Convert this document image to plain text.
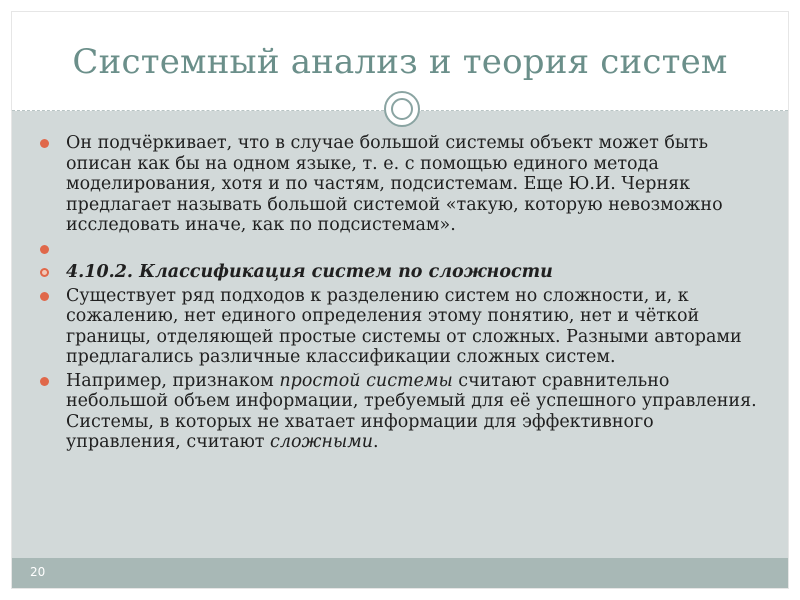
Системный анализ и теория систем
Он подчёркивает, что в случае большой системы объект может быть описан как бы на одном языке, т. е. с помощью единого метода моделирования, хотя и по частям, подсистемам. Еще Ю.И. Черняк предлагает называть большой системой «такую, которую невозможно исследовать иначе, как по подсистемам».
4.10.2. Классификация систем по сложности
Существует ряд подходов к разделению систем но сложности, и, к сожалению, нет единого определения этому понятию, нет и чёткой границы, отделяющей простые системы от сложных. Разными авторами предлагались различные классификации сложных систем.
Например, признаком простой системы считают сравнительно небольшой объем информации, требуемый для её успешного управления. Системы, в которых не хватает информации для эффективного управления, считают сложными.
20
